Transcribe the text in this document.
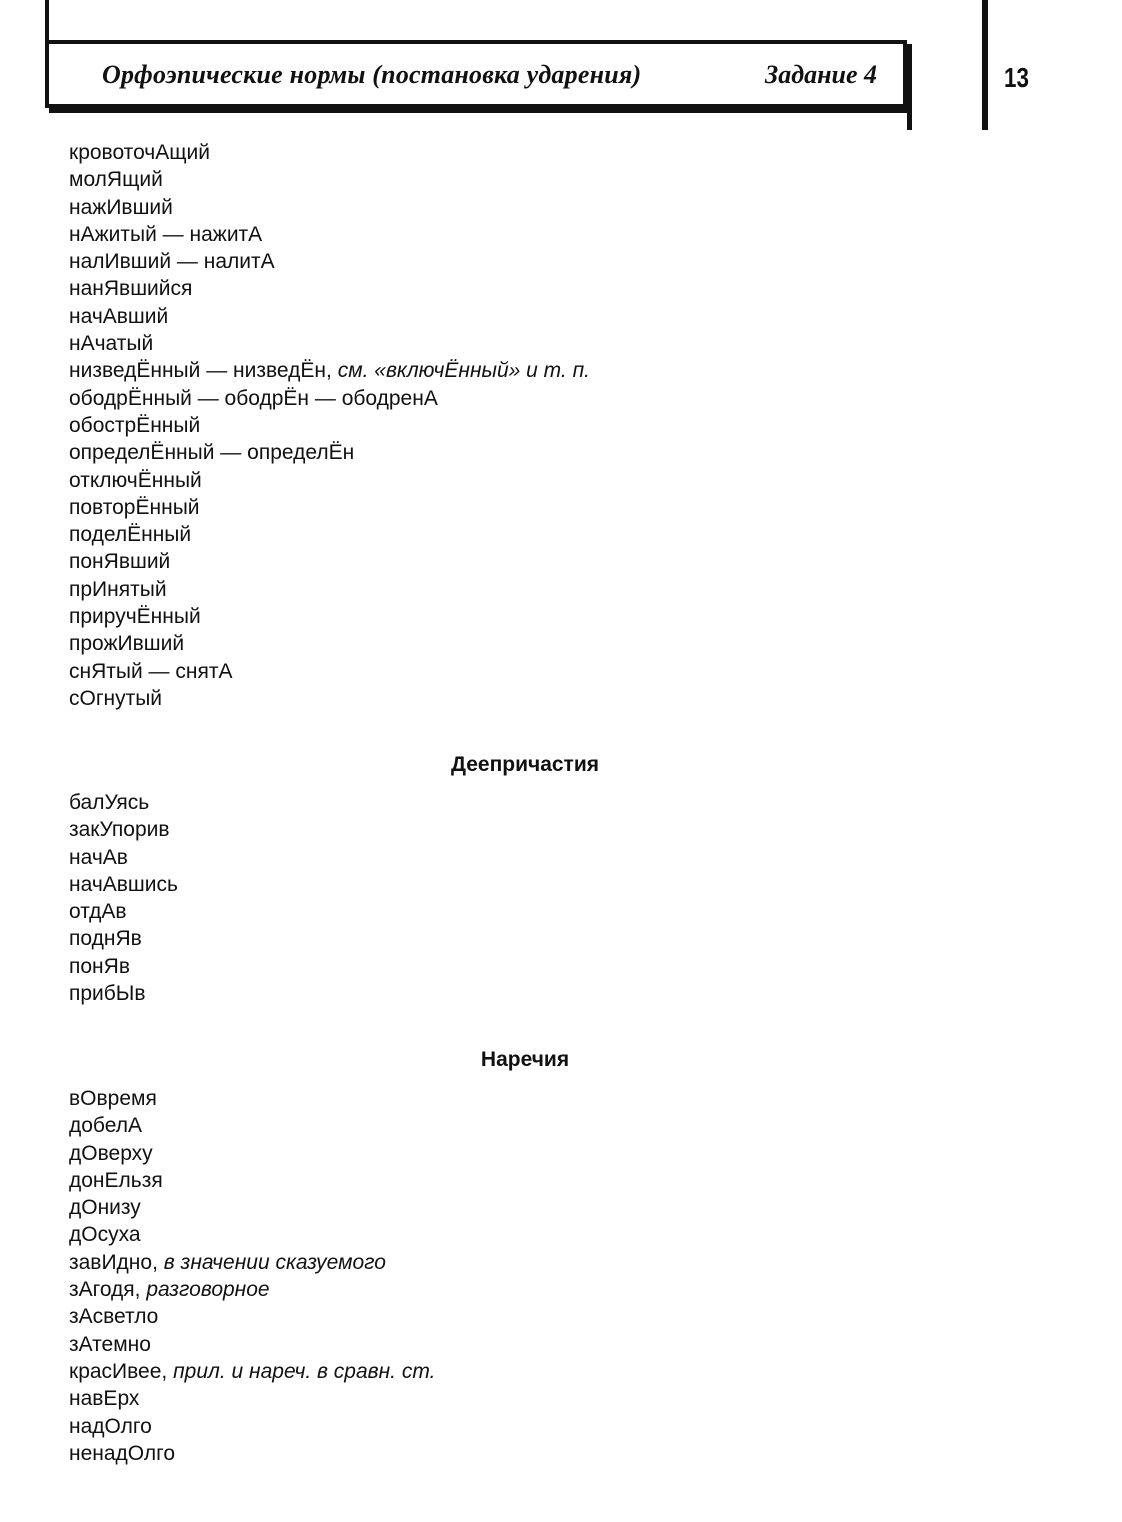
Орфоэпические нормы (постановка ударения)	Задание 4	13
кровоточАщий
молЯщий
нажИвший
нАжитый — нажитА
налИвший — налитА
нанЯвшийся
начАвший
нАчатый
низведЁнный — низведЁн, см. «включЁнный» и т. п.
ободрЁнный — ободрЁн — ободренА
обострЁнный
определЁнный — определЁн
отключЁнный
повторЁнный
поделЁнный
понЯвший
прИнятый
приручЁнный
прожИвший
снЯтый — снятА
сОгнутый
Деепричастия
балУясь
закУпорив
начАв
начАвшись
отдАв
поднЯв
понЯв
прибЫв
Наречия
вОвремя
добелА
дОверху
донЕльзя
дОнизу
дОсуха
завИдно, в значении сказуемого
зАгодя, разговорное
зАсветло
зАтемно
красИвее, прил. и нареч. в сравн. ст.
навЕрх
надОлго
ненадОлго
